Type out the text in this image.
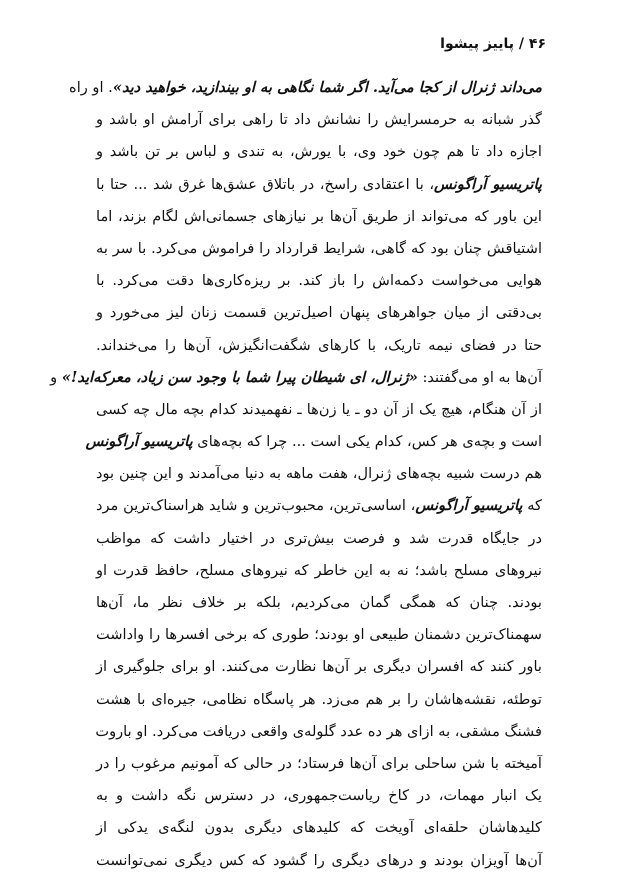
۴۶ / پاییز پیشوا
می‌داند ژنرال از کجا می‌آید. اگر شما نگاهی به او بیندازید، خواهید دید». او راه
گذر شبانه به حرمسرایش را نشانش داد تا راهی برای آرامش او باشد و
اجازه داد تا هم چون خود وی، با یورش، به تندی و لباس بر تن باشد و
پاتریسیو آراگونس، با اعتقادی راسخ، در باتلاق عشق‌ها غرق شد ... حتا با
این باور که می‌تواند از طریق آن‌ها بر نیازهای جسمانی‌اش لگام بزند، اما
اشتیاقش چنان بود که گاهی، شرایط قرارداد را فراموش می‌کرد. با سر به
هوایی می‌خواست دکمه‌اش را باز کند. بر ریزه‌کاری‌ها دقت می‌کرد. با
بی‌دقتی از میان جواهرهای پنهان اصیل‌ترین قسمت زنان لیز می‌خورد و
حتا در فضای نیمه تاریک، با کارهای شگفت‌انگیزش، آن‌ها را می‌خنداند.
آن‌ها به او می‌گفتند: «ژنرال، ای شیطان پیرا شما با وجود سن زیاد، معرکه‌اید!» و
از آن هنگام، هیچ یک از آن دو ـ یا زن‌ها ـ نفهمیدند کدام بچه مال چه کسی
است و بچه‌ی هر کس، کدام یکی است ... چرا که بچه‌های پاتریسیو آراگونس
هم درست شبیه بچه‌های ژنرال، هفت ماهه به دنیا می‌آمدند و این چنین بود
که پاتریسیو آراگونس، اساسی‌ترین، محبوب‌ترین و شاید هراسناک‌ترین مرد
در جایگاه قدرت شد و فرصت بیش‌تری در اختیار داشت که مواظب
نیروهای مسلح باشد؛ نه به این خاطر که نیروهای مسلح، حافظ قدرت او
بودند. چنان که همگی گمان می‌کردیم، بلکه بر خلاف نظر ما، آن‌ها
سهمناک‌ترین دشمنان طبیعی او بودند؛ طوری که برخی افسرها را واداشت
باور کنند که افسران دیگری بر آن‌ها نظارت می‌کنند. او برای جلوگیری از
توطئه، نقشه‌هاشان را بر هم می‌زد. هر پاسگاه نظامی، جیره‌ای با هشت
فشنگ مشقی، به ازای هر ده عدد گلوله‌ی واقعی دریافت می‌کرد. او باروت
آمیخته با شن ساحلی برای آن‌ها فرستاد؛ در حالی که آمونیم مرغوب را در
یک انبار مهمات، در کاخ ریاست‌جمهوری، در دسترس نگه داشت و به
کلیدهاشان حلقه‌ای آویخت که کلیدهای دیگری بدون لنگه‌ی یدکی از
آن‌ها آویزان بودند و درهای دیگری را گشود که کس دیگری نمی‌توانست
